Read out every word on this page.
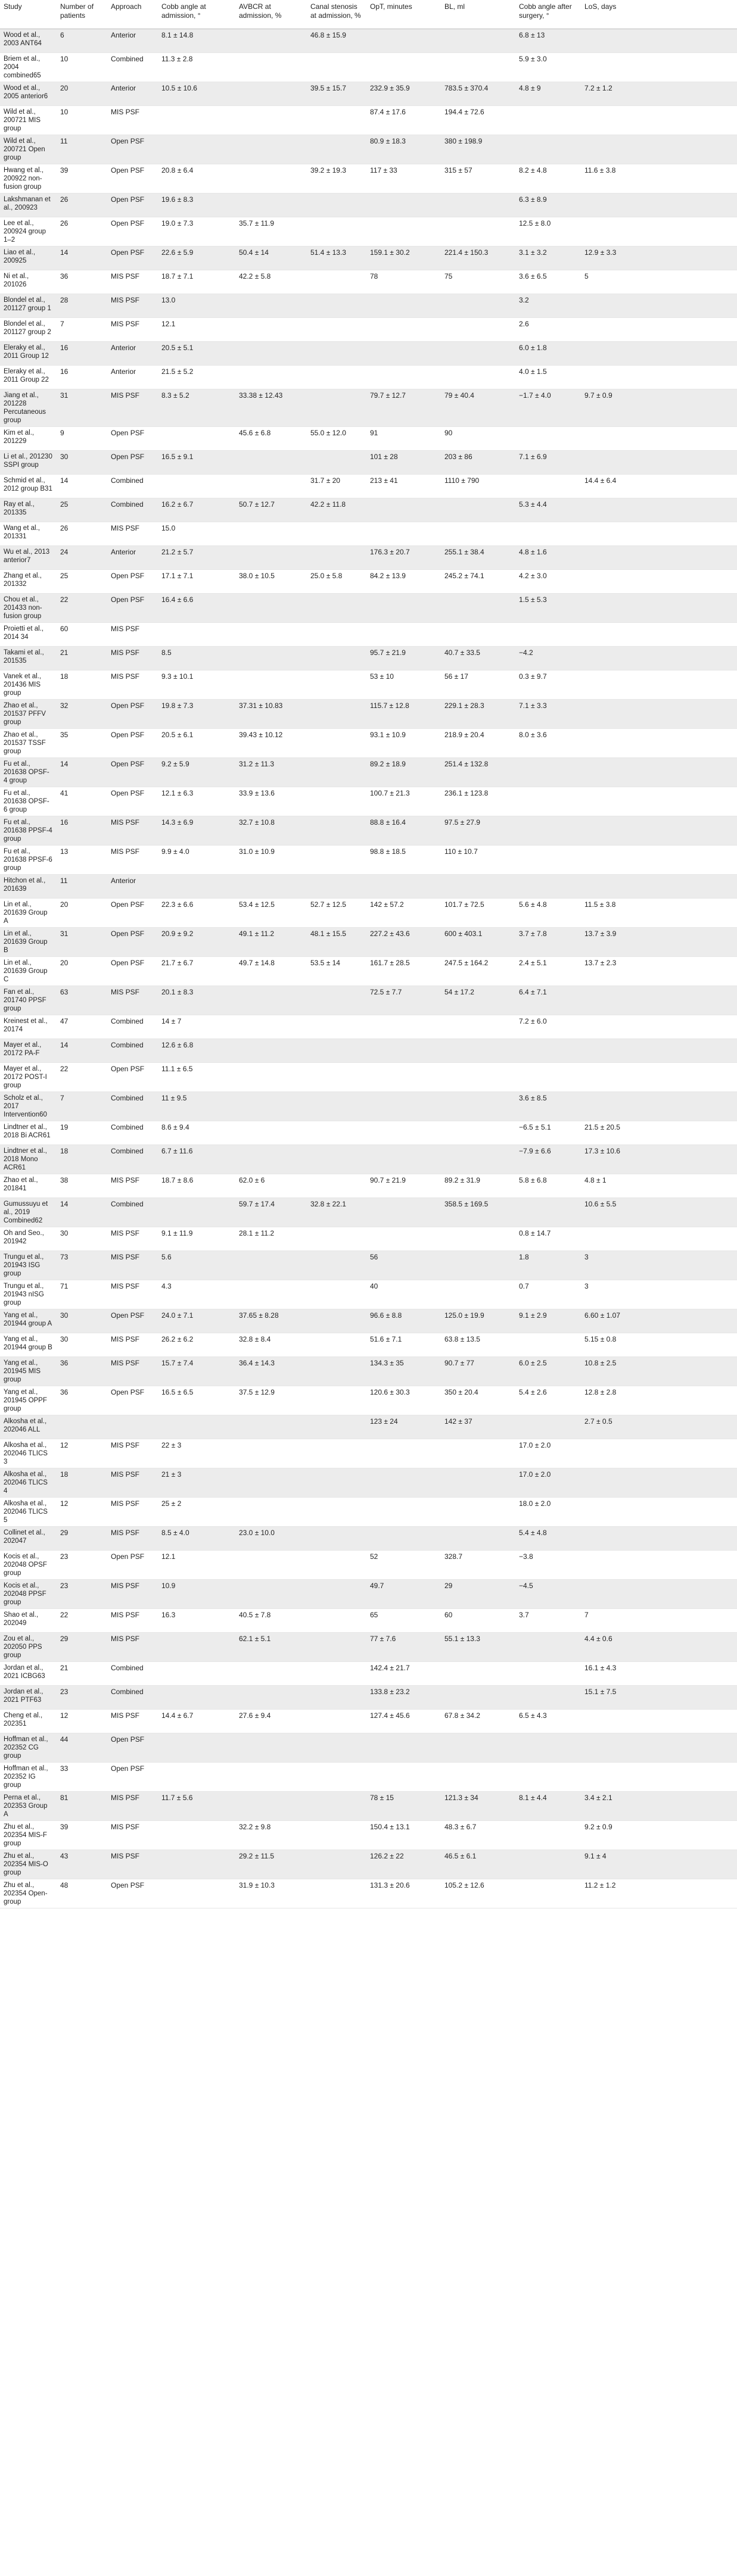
Study	Number of patients	Approach	Cobb angle at admission, °	AVBCR at admission, %	Canal stenosis at admission, %	OpT, minutes	BL, ml	Cobb angle after surgery, °	LoS, days	
Wood et al., 2003 ANT64	6	Anterior	8.1 ± 14.8		46.8 ± 15.9			6.8 ± 13		
Briem et al., 2004 combined65	10	Combined	11.3 ± 2.8					5.9 ± 3.0		
Wood et al., 2005 anterior6	20	Anterior	10.5 ± 10.6		39.5 ± 15.7	232.9 ± 35.9	783.5 ± 370.4	4.8 ± 9	7.2 ± 1.2	
Wild et al., 200721 MIS group	10	MIS PSF				87.4 ± 17.6	194.4 ± 72.6			
Wild et al., 200721 Open group	11	Open PSF				80.9 ± 18.3	380 ± 198.9			
Hwang et al., 200922 non-fusion group	39	Open PSF	20.8 ± 6.4		39.2 ± 19.3	117 ± 33	315 ± 57	8.2 ± 4.8	11.6 ± 3.8	
Lakshmanan et al., 200923	26	Open PSF	19.6 ± 8.3					6.3 ± 8.9		
Lee et al., 200924 group 1–2	26	Open PSF	19.0 ± 7.3	35.7 ± 11.9				12.5 ± 8.0		
Liao et al., 200925	14	Open PSF	22.6 ± 5.9	50.4 ± 14	51.4 ± 13.3	159.1 ± 30.2	221.4 ± 150.3	3.1 ± 3.2	12.9 ± 3.3	
Ni et al., 201026	36	MIS PSF	18.7 ± 7.1	42.2 ± 5.8		78	75	3.6 ± 6.5	5	
Blondel et al., 201127 group 1	28	MIS PSF	13.0					3.2		
Blondel et al., 201127 group 2	7	MIS PSF	12.1					2.6		
Eleraky et al., 2011 Group 12	16	Anterior	20.5 ± 5.1					6.0 ± 1.8		
Eleraky et al., 2011 Group 22	16	Anterior	21.5 ± 5.2					4.0 ± 1.5		
Jiang et al., 201228 Percutaneous group	31	MIS PSF	8.3 ± 5.2	33.38 ± 12.43		79.7 ± 12.7	79 ± 40.4	−1.7 ± 4.0	9.7 ± 0.9	
Kim et al., 201229	9	Open PSF		45.6 ± 6.8	55.0 ± 12.0	91	90			
Li et al., 201230 SSPI group	30	Open PSF	16.5 ± 9.1			101 ± 28	203 ± 86	7.1 ± 6.9		
Schmid et al., 2012 group B31	14	Combined			31.7 ± 20	213 ± 41	1110 ± 790		14.4 ± 6.4	
Ray et al., 201335	25	Combined	16.2 ± 6.7	50.7 ± 12.7	42.2 ± 11.8			5.3 ± 4.4		
Wang et al., 201331	26	MIS PSF	15.0							
Wu et al., 2013 anterior7	24	Anterior	21.2 ± 5.7			176.3 ± 20.7	255.1 ± 38.4	4.8 ± 1.6		
Zhang et al., 201332	25	Open PSF	17.1 ± 7.1	38.0 ± 10.5	25.0 ± 5.8	84.2 ± 13.9	245.2 ± 74.1	4.2 ± 3.0		
Chou et al., 201433 non-fusion group	22	Open PSF	16.4 ± 6.6					1.5 ± 5.3		
Proietti et al., 2014 34	60	MIS PSF								
Takami et al., 201535	21	MIS PSF	8.5			95.7 ± 21.9	40.7 ± 33.5	−4.2		
Vanek et al., 201436 MIS group	18	MIS PSF	9.3 ± 10.1			53 ± 10	56 ± 17	0.3 ± 9.7		
Zhao et al., 201537 PFFV group	32	Open PSF	19.8 ± 7.3	37.31 ± 10.83		115.7 ± 12.8	229.1 ± 28.3	7.1 ± 3.3		
Zhao et al., 201537 TSSF group	35	Open PSF	20.5 ± 6.1	39.43 ± 10.12		93.1 ± 10.9	218.9 ± 20.4	8.0 ± 3.6		
Fu et al., 201638 OPSF-4 group	14	Open PSF	9.2 ± 5.9	31.2 ± 11.3		89.2 ± 18.9	251.4 ± 132.8			
Fu et al., 201638 OPSF-6 group	41	Open PSF	12.1 ± 6.3	33.9 ± 13.6		100.7 ± 21.3	236.1 ± 123.8			
Fu et al., 201638 PPSF-4 group	16	MIS PSF	14.3 ± 6.9	32.7 ± 10.8		88.8 ± 16.4	97.5 ± 27.9			
Fu et al., 201638 PPSF-6 group	13	MIS PSF	9.9 ± 4.0	31.0 ± 10.9		98.8 ± 18.5	110 ± 10.7			
Hitchon et al., 201639	11	Anterior								
Lin et al., 201639 Group A	20	Open PSF	22.3 ± 6.6	53.4 ± 12.5	52.7 ± 12.5	142 ± 57.2	101.7 ± 72.5	5.6 ± 4.8	11.5 ± 3.8	
Lin et al., 201639 Group B	31	Open PSF	20.9 ± 9.2	49.1 ± 11.2	48.1 ± 15.5	227.2 ± 43.6	600 ± 403.1	3.7 ± 7.8	13.7 ± 3.9	
Lin et al., 201639 Group C	20	Open PSF	21.7 ± 6.7	49.7 ± 14.8	53.5 ± 14	161.7 ± 28.5	247.5 ± 164.2	2.4 ± 5.1	13.7 ± 2.3	
Fan et al., 201740 PPSF group	63	MIS PSF	20.1 ± 8.3			72.5 ± 7.7	54 ± 17.2	6.4 ± 7.1		
Kreinest et al., 20174	47	Combined	14 ± 7					7.2 ± 6.0		
Mayer et al., 20172 PA-F	14	Combined	12.6 ± 6.8							
Mayer et al., 20172 POST-I group	22	Open PSF	11.1 ± 6.5							
Scholz et al., 2017 Intervention60	7	Combined	11 ± 9.5					3.6 ± 8.5		
Lindtner et al., 2018 Bi ACR61	19	Combined	8.6 ± 9.4					−6.5 ± 5.1	21.5 ± 20.5	
Lindtner et al., 2018 Mono ACR61	18	Combined	6.7 ± 11.6					−7.9 ± 6.6	17.3 ± 10.6	
Zhao et al., 201841	38	MIS PSF	18.7 ± 8.6	62.0 ± 6		90.7 ± 21.9	89.2 ± 31.9	5.8 ± 6.8	4.8 ± 1	
Gumussuyu et al., 2019 Combined62	14	Combined		59.7 ± 17.4	32.8 ± 22.1		358.5 ± 169.5		10.6 ± 5.5	
Oh and Seo., 201942	30	MIS PSF	9.1 ± 11.9	28.1 ± 11.2				0.8 ± 14.7		
Trungu et al., 201943 ISG group	73	MIS PSF	5.6			56		1.8	3	
Trungu et al., 201943 nISG group	71	MIS PSF	4.3			40		0.7	3	
Yang et al., 201944 group A	30	Open PSF	24.0 ± 7.1	37.65 ± 8.28		96.6 ± 8.8	125.0 ± 19.9	9.1 ± 2.9	6.60 ± 1.07	
Yang et al., 201944 group B	30	MIS PSF	26.2 ± 6.2	32.8 ± 8.4		51.6 ± 7.1	63.8 ± 13.5		5.15 ± 0.8	
Yang et al., 201945 MIS group	36	MIS PSF	15.7 ± 7.4	36.4 ± 14.3		134.3 ± 35	90.7 ± 77	6.0 ± 2.5	10.8 ± 2.5	
Yang et al., 201945 OPPF group	36	Open PSF	16.5 ± 6.5	37.5 ± 12.9		120.6 ± 30.3	350 ± 20.4	5.4 ± 2.6	12.8 ± 2.8	
Alkosha et al., 202046 ALL						123 ± 24	142 ± 37		2.7 ± 0.5	
Alkosha et al., 202046 TLICS 3	12	MIS PSF	22 ± 3					17.0 ± 2.0		
Alkosha et al., 202046 TLICS 4	18	MIS PSF	21 ± 3					17.0 ± 2.0		
Alkosha et al., 202046 TLICS 5	12	MIS PSF	25 ± 2					18.0 ± 2.0		
Collinet et al., 202047	29	MIS PSF	8.5 ± 4.0	23.0 ± 10.0				5.4 ± 4.8		
Kocis et al., 202048 OPSF group	23	Open PSF	12.1			52	328.7	−3.8		
Kocis et al., 202048 PPSF group	23	MIS PSF	10.9			49.7	29	−4.5		
Shao et al., 202049	22	MIS PSF	16.3	40.5 ± 7.8		65	60	3.7	7	
Zou et al., 202050 PPS group	29	MIS PSF		62.1 ± 5.1		77 ± 7.6	55.1 ± 13.3		4.4 ± 0.6	
Jordan et al., 2021 ICBG63	21	Combined				142.4 ± 21.7			16.1 ± 4.3	
Jordan et al., 2021 PTF63	23	Combined				133.8 ± 23.2			15.1 ± 7.5	
Cheng et al., 202351	12	MIS PSF	14.4 ± 6.7	27.6 ± 9.4		127.4 ± 45.6	67.8 ± 34.2	6.5 ± 4.3		
Hoffman et al., 202352 CG group	44	Open PSF								
Hoffman et al., 202352 IG group	33	Open PSF								
Perna et al., 202353 Group A	81	MIS PSF	11.7 ± 5.6			78 ± 15	121.3 ± 34	8.1 ± 4.4	3.4 ± 2.1	
Zhu et al., 202354 MIS-F group	39	MIS PSF		32.2 ± 9.8		150.4 ± 13.1	48.3 ± 6.7		9.2 ± 0.9	
Zhu et al., 202354 MIS-O group	43	MIS PSF		29.2 ± 11.5		126.2 ± 22	46.5 ± 6.1		9.1 ± 4	
Zhu et al., 202354 Open-group	48	Open PSF		31.9 ± 10.3		131.3 ± 20.6	105.2 ± 12.6		11.2 ± 1.2	
